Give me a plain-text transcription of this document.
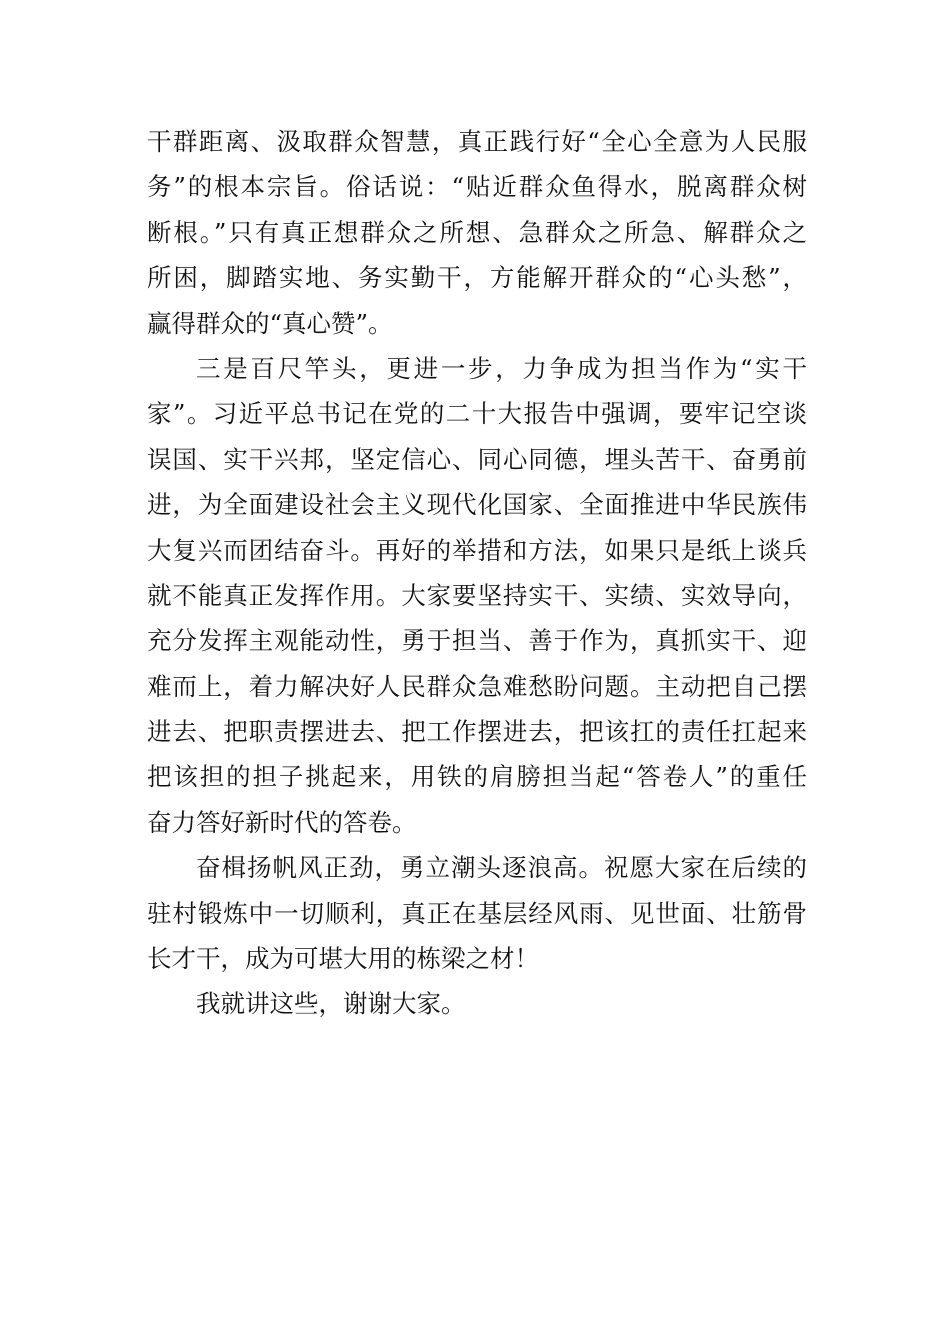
干群距离、汲取群众智慧，真正践行好“全心全意为人民服
务”的根本宗旨。俗话说：“贴近群众鱼得水，脱离群众树
断根。”只有真正想群众之所想、急群众之所急、解群众之
所困，脚踏实地、务实勤干，方能解开群众的“心头愁”，
赢得群众的“真心赞”。
三是百尺竿头，更进一步，力争成为担当作为“实干
家”。习近平总书记在党的二十大报告中强调，要牢记空谈
误国、实干兴邦，坚定信心、同心同德，埋头苦干、奋勇前
进，为全面建设社会主义现代化国家、全面推进中华民族伟
大复兴而团结奋斗。再好的举措和方法，如果只是纸上谈兵
就不能真正发挥作用。大家要坚持实干、实绩、实效导向，
充分发挥主观能动性，勇于担当、善于作为，真抓实干、迎
难而上，着力解决好人民群众急难愁盼问题。主动把自己摆
进去、把职责摆进去、把工作摆进去，把该扛的责任扛起来
把该担的担子挑起来，用铁的肩膀担当起“答卷人”的重任
奋力答好新时代的答卷。
奋楫扬帆风正劲，勇立潮头逐浪高。祝愿大家在后续的
驻村锻炼中一切顺利，真正在基层经风雨、见世面、壮筋骨
长才干，成为可堪大用的栋梁之材！
我就讲这些，谢谢大家。
